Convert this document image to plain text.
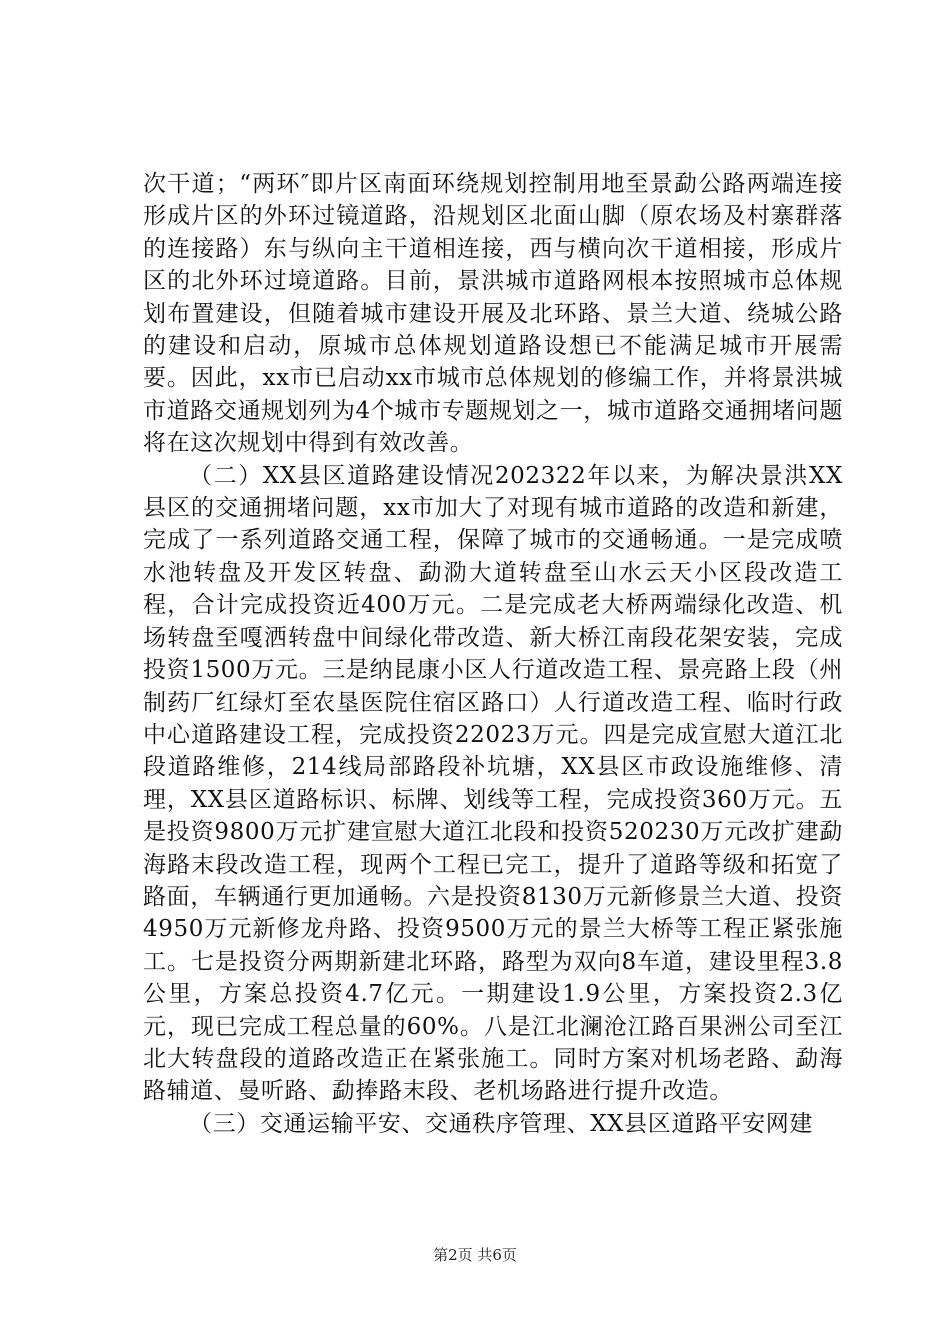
次干道；“两环″即片区南面环绕规划控制用地至景勐公路两端连接形成片区的外环过镜道路，沿规划区北面山脚（原农场及村寨群落的连接路）东与纵向主干道相连接，西与横向次干道相接，形成片区的北外环过境道路。目前，景洪城市道路网根本按照城市总体规划布置建设，但随着城市建设开展及北环路、景兰大道、绕城公路的建设和启动，原城市总体规划道路设想已不能满足城市开展需要。因此，xx市已启动xx市城市总体规划的修编工作，并将景洪城市道路交通规划列为4个城市专题规划之一，城市道路交通拥堵问题将在这次规划中得到有效改善。

（二）XX县区道路建设情况202322年以来，为解决景洪XX县区的交通拥堵问题，xx市加大了对现有城市道路的改造和新建，完成了一系列道路交通工程，保障了城市的交通畅通。一是完成喷水池转盘及开发区转盘、勐泐大道转盘至山水云天小区段改造工程，合计完成投资近400万元。二是完成老大桥两端绿化改造、机场转盘至嘎洒转盘中间绿化带改造、新大桥江南段花架安装，完成投资1500万元。三是纳昆康小区人行道改造工程、景亮路上段（州制药厂红绿灯至农垦医院住宿区路口）人行道改造工程、临时行政中心道路建设工程，完成投资22023万元。四是完成宣慰大道江北段道路维修，214线局部路段补坑塘，XX县区市政设施维修、清理，XX县区道路标识、标牌、划线等工程，完成投资360万元。五是投资9800万元扩建宣慰大道江北段和投资520230万元改扩建勐海路末段改造工程，现两个工程已完工，提升了道路等级和拓宽了路面，车辆通行更加通畅。六是投资8130万元新修景兰大道、投资4950万元新修龙舟路、投资9500万元的景兰大桥等工程正紧张施工。七是投资分两期新建北环路，路型为双向8车道，建设里程3.8公里，方案总投资4.7亿元。一期建设1.9公里，方案投资2.3亿元，现已完成工程总量的60%。八是江北澜沧江路百果洲公司至江北大转盘段的道路改造正在紧张施工。同时方案对机场老路、勐海路辅道、曼听路、勐捧路末段、老机场路进行提升改造。

（三）交通运输平安、交通秩序管理、XX县区道路平安网建

第2页 共6页
